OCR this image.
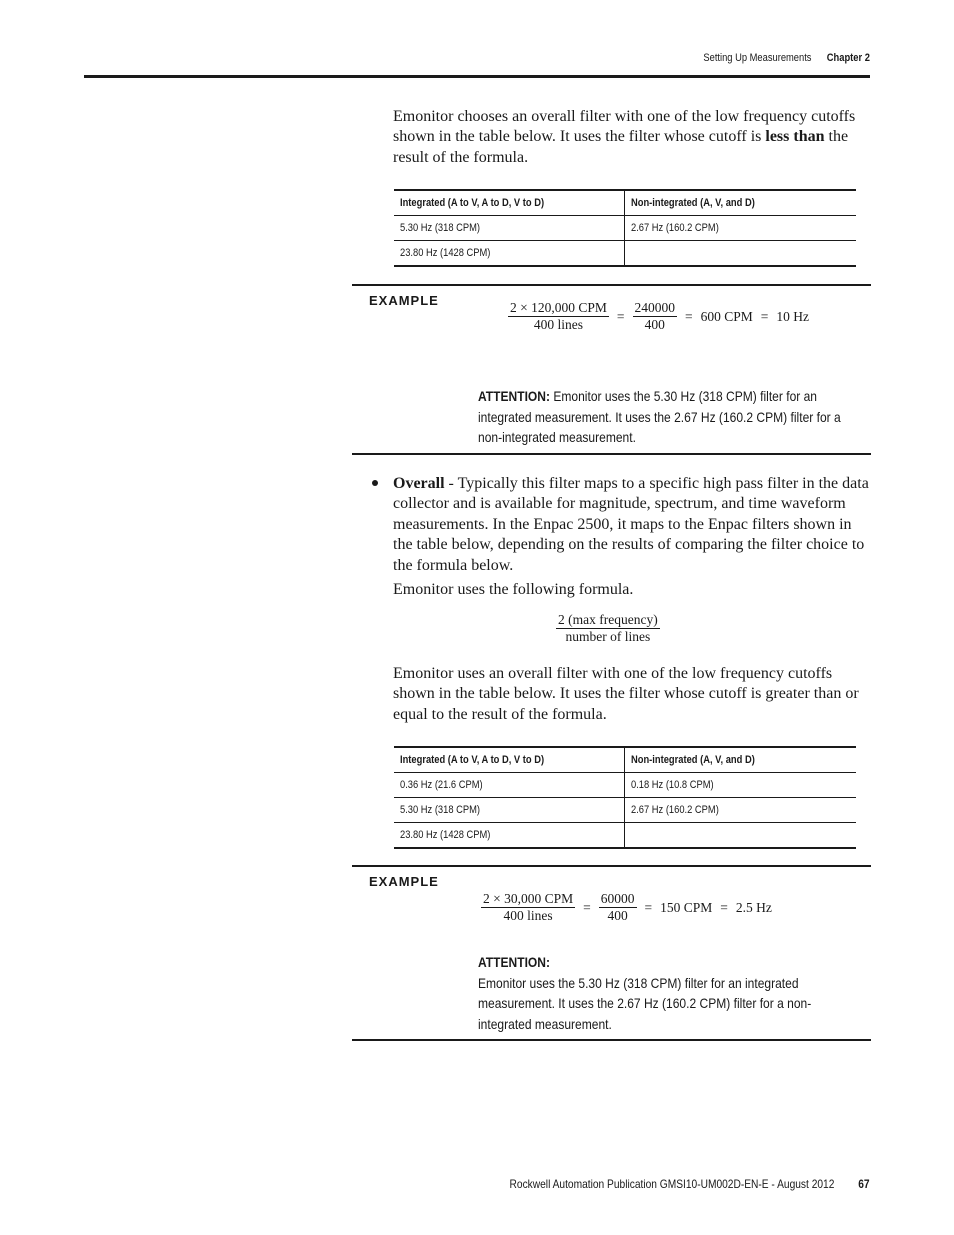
Setting Up Measurements Chapter 2

Emonitor chooses an overall filter with one of the low frequency cutoffs shown in the table below. It uses the filter whose cutoff is less than the result of the formula.

Integrated (A to V, A to D, V to D)	Non-integrated (A, V, and D)
5.30 Hz (318 CPM)	2.67 Hz (160.2 CPM)
23.80 Hz (1428 CPM)	
EXAMPLE	$\frac{\text{2 × 120,000 CPM}}{\text{400 lines}} = \frac{240000}{400} = 600$ CPM = 10 Hz
ATTENTION: Emonitor uses the 5.30 Hz (318 CPM) filter for an integrated measurement. It uses the 2.67 Hz (160.2 CPM) filter for a non-integrated measurement.

Overall - Typically this filter maps to a specific high pass filter in the data collector and is available for magnitude, spectrum, and time waveform measurements. In the Enpac 2500, it maps to the Enpac filters shown in the table below, depending on the results of comparing the filter choice to the formula below.

Emonitor uses the following formula.

$\frac{\text{2 (max frequency)}}{\text{number of lines}}$

Emonitor uses an overall filter with one of the low frequency cutoffs shown in the table below. It uses the filter whose cutoff is greater than or equal to the result of the formula.

Integrated (A to V, A to D, V to D)	Non-integrated (A, V, and D)
0.36 Hz (21.6 CPM)	0.18 Hz (10.8 CPM)
5.30 Hz (318 CPM)	2.67 Hz (160.2 CPM)
23.80 Hz (1428 CPM)	
EXAMPLE
$\frac{\text{2 × 30,000 CPM}}{\text{400 lines}} = \frac{60000}{400} = 150$ CPM = 2.5 Hz
ATTENTION:
Emonitor uses the 5.30 Hz (318 CPM) filter for an integrated measurement. It uses the 2.67 Hz (160.2 CPM) filter for a non-integrated measurement.
Rockwell Automation Publication GMSI10-UM002D-EN-E - August 2012 67
